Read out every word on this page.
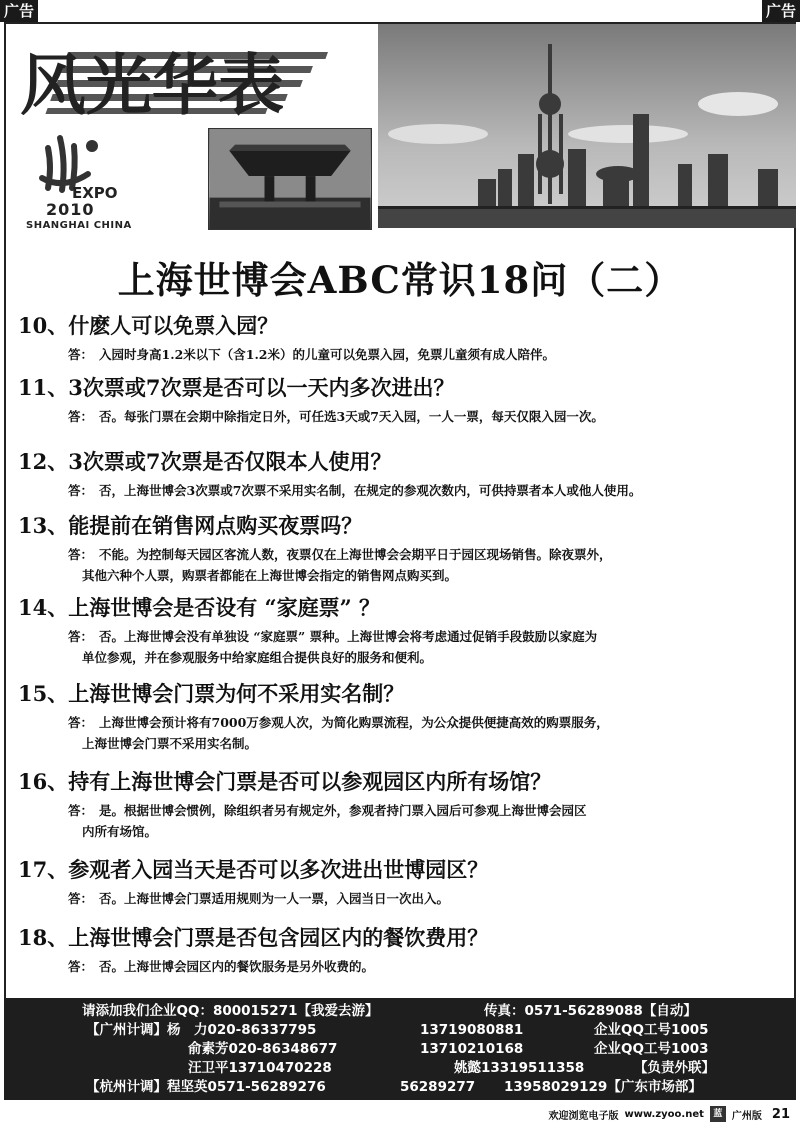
广告	广告
风光华表
EXPO
2010
SHANGHAI CHINA
上海世博会ABC常识18问（二）
10、什麽人可以免票入园？
答： 入园时身高1.2米以下（含1.2米）的儿童可以免票入园，免票儿童须有成人陪伴。
11、3次票或7次票是否可以一天内多次进出？
答： 否。每张门票在会期中除指定日外，可任选3天或7天入园，一人一票，每天仅限入园一次。
12、3次票或7次票是否仅限本人使用？
答： 否，上海世博会3次票或7次票不采用实名制，在规定的参观次数内，可供持票者本人或他人使用。
13、能提前在销售网点购买夜票吗？
答： 不能。为控制每天园区客流人数，夜票仅在上海世博会会期平日于园区现场销售。除夜票外，
其他六种个人票，购票者都能在上海世博会指定的销售网点购买到。
14、上海世博会是否设有 “家庭票” ？
答： 否。上海世博会没有单独设 “家庭票” 票种。上海世博会将考虑通过促销手段鼓励以家庭为
单位参观，并在参观服务中给家庭组合提供良好的服务和便利。
15、上海世博会门票为何不采用实名制？
答： 上海世博会预计将有7000万参观人次，为简化购票流程，为公众提供便捷高效的购票服务，
上海世博会门票不采用实名制。
16、持有上海世博会门票是否可以参观园区内所有场馆？
答： 是。根据世博会惯例，除组织者另有规定外，参观者持门票入园后可参观上海世博会园区
内所有场馆。
17、参观者入园当天是否可以多次进出世博园区？
答： 否。上海世博会门票适用规则为一人一票，入园当日一次出入。
18、上海世博会门票是否包含园区内的餐饮费用？
答： 否。上海世博会园区内的餐饮服务是另外收费的。
请添加我们企业QQ：800015271【我爱去游】	传真：0571-56289088【自动】
【广州计调】杨　力020-86337795	13719080881	企业QQ工号1005
俞素芳020-86348677	13710210168	企业QQ工号1003
汪卫平13710470228	姚懿13319511358	【负责外联】
【杭州计调】程坚英0571-56289276	56289277 13958029129【广东市场部】
欢迎浏览电子版 www.zyoo.net	蓝 广州版 21
